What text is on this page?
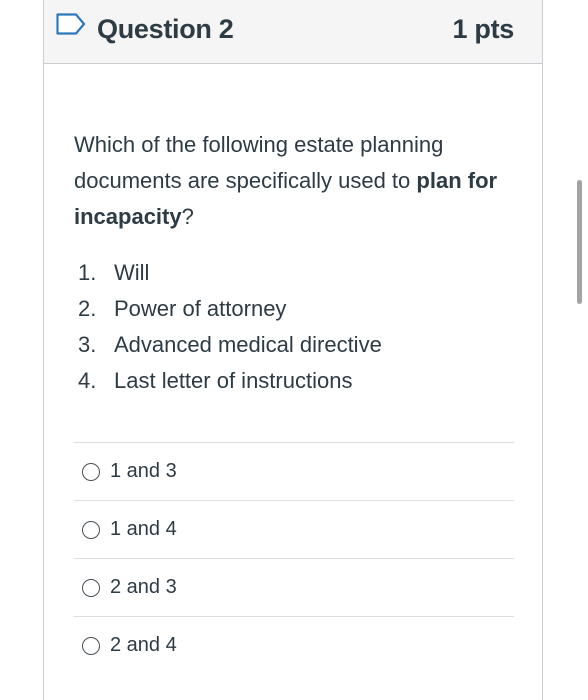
Question 2	1 pts
Which of the following estate planning documents are specifically used to plan for incapacity?
1. Will
2. Power of attorney
3. Advanced medical directive
4. Last letter of instructions
1 and 3
1 and 4
2 and 3
2 and 4
